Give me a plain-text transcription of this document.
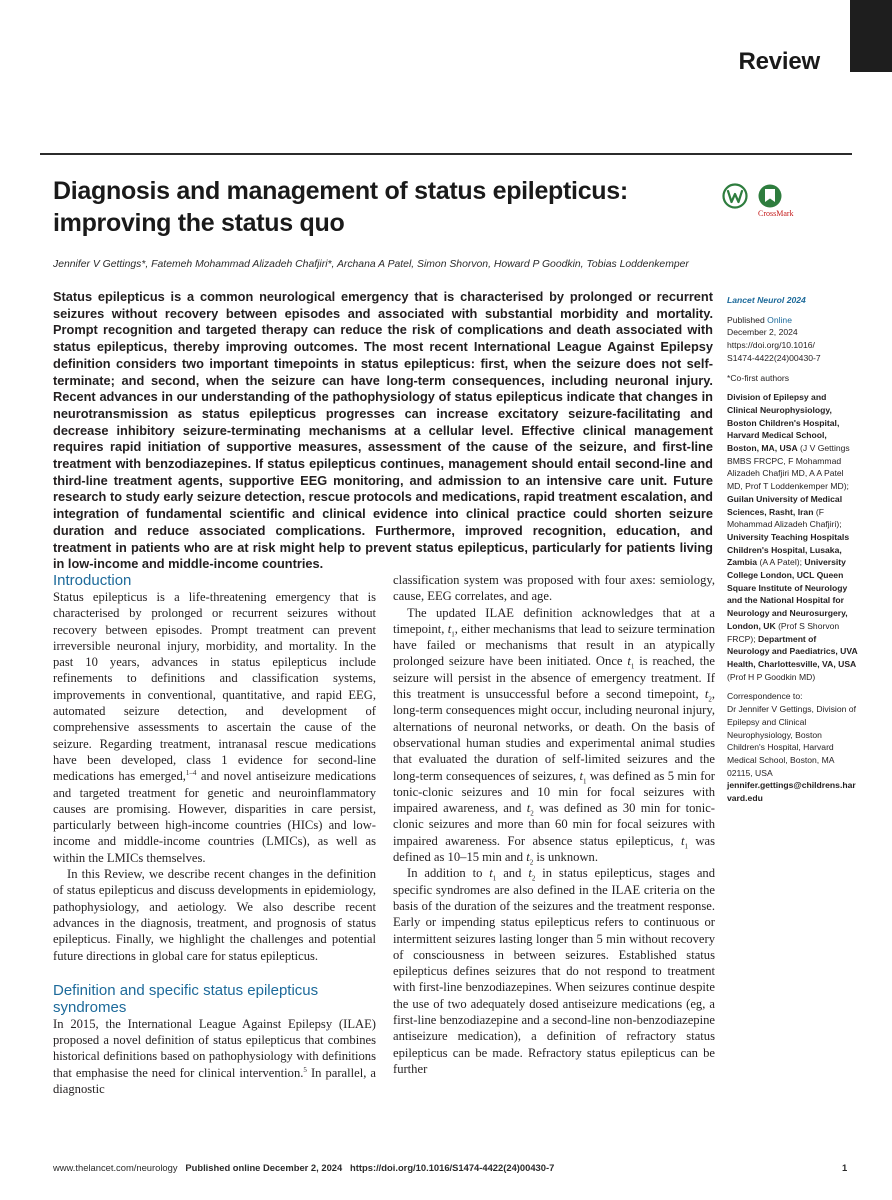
Review
Diagnosis and management of status epilepticus:
improving the status quo	CrossMark
Jennifer V Gettings*, Fatemeh Mohammad Alizadeh Chafjiri*, Archana A Patel, Simon Shorvon, Howard P Goodkin, Tobias Loddenkemper
Status epilepticus is a common neurological emergency that is characterised by prolonged or recurrent seizures without recovery between episodes and associated with substantial morbidity and mortality. Prompt recognition and targeted therapy can reduce the risk of complications and death associated with status epilepticus, thereby improving outcomes. The most recent International League Against Epilepsy definition considers two important timepoints in status epilepticus: first, when the seizure does not self-terminate; and second, when the seizure can have long-term consequences, including neuronal injury. Recent advances in our understanding of the pathophysiology of status epilepticus indicate that changes in neurotransmission as status epilepticus progresses can increase excitatory seizure-facilitating and decrease inhibitory seizure-terminating mechanisms at a cellular level. Effective clinical management requires rapid initiation of supportive measures, assessment of the cause of the seizure, and first-line treatment with benzodiazepines. If status epilepticus continues, management should entail second-line and third-line treatment agents, supportive EEG monitoring, and admission to an intensive care unit. Future research to study early seizure detection, rescue protocols and medications, rapid treatment escalation, and integration of fundamental scientific and clinical evidence into clinical practice could shorten seizure duration and reduce associated complications. Furthermore, improved recognition, education, and treatment in patients who are at risk might help to prevent status epilepticus, particularly for patients living in low-income and middle-income countries.
Introduction

Status epilepticus is a life-threatening emergency that is characterised by prolonged or recurrent seizures without recovery between episodes. Prompt treatment can prevent irreversible neuronal injury, morbidity, and mortality. In the past 10 years, advances in status epilepticus include refinements to definitions and classification systems, improvements in conventional, quantitative, and rapid EEG, automated seizure detection, and development of comprehensive assessments to ascertain the cause of the seizure. Regarding treatment, intranasal rescue medications have been developed, class 1 evidence for second-line medications has emerged,$^{1-4}$ and novel antiseizure medications and targeted treatment for genetic and neuroinflammatory causes are promising. However, disparities in care persist, particularly between high-income countries (HICs) and low-income and middle-income countries (LMICs), as well as within the LMICs themselves.

In this Review, we describe recent changes in the definition of status epilepticus and discuss developments in epidemiology, pathophysiology, and aetiology. We also describe recent advances in the diagnosis, treatment, and prognosis of status epilepticus. Finally, we highlight the challenges and potential future directions in global care for status epilepticus.

Definition and specific status epilepticus
syndromes

In 2015, the International League Against Epilepsy (ILAE) proposed a novel definition of status epilepticus that combines historical definitions based on pathophysiology with definitions that emphasise the need for clinical intervention.$^5$ In parallel, a diagnostic

classification system was proposed with four axes: semiology, cause, EEG correlates, and age.

The updated ILAE definition acknowledges that at a timepoint, $t_1$, either mechanisms that lead to seizure termination have failed or mechanisms that result in an atypically prolonged seizure have been initiated. Once $t_1$ is reached, the seizure will persist in the absence of emergency treatment. If this treatment is unsuccessful before a second timepoint, $t_2$, long-term consequences might occur, including neuronal injury, alternations of neuronal networks, or death. On the basis of observational human studies and experimental animal studies that evaluated the duration of self-limited seizures and the long-term consequences of seizures, $t_1$ was defined as 5 min for tonic-clonic seizures and 10 min for focal seizures with impaired awareness, and $t_2$ was defined as 30 min for tonic-clonic seizures and more than 60 min for focal seizures with impaired awareness. For absence status epilepticus, $t_1$ was defined as 10–15 min and $t_2$ is unknown.

In addition to $t_1$ and $t_2$ in status epilepticus, stages and specific syndromes are also defined in the ILAE criteria on the basis of the duration of the seizures and the treatment response. Early or impending status epilepticus refers to continuous or intermittent seizures lasting longer than 5 min without recovery of consciousness in between seizures. Established status epilepticus defines seizures that do not respond to treatment with first-line benzodiazepines. When seizures continue despite the use of two adequately dosed antiseizure medications (eg, a first-line benzodiazepine and a second-line non-benzodiazepine antiseizure medication), a definition of refractory status epilepticus can be made. Refractory status epilepticus can be further

Lancet Neurol 2024
Published Online
December 2, 2024
https://doi.org/10.1016/
S1474-4422(24)00430-7
*Co-first authors
Division of Epilepsy and Clinical Neurophysiology, Boston Children's Hospital, Harvard Medical School, Boston, MA, USA (J V Gettings BMBS FRCPC, F Mohammad Alizadeh Chafjiri MD, A A Patel MD, Prof T Loddenkemper MD); Guilan University of Medical Sciences, Rasht, Iran (F Mohammad Alizadeh Chafjiri); University Teaching Hospitals Children's Hospital, Lusaka, Zambia (A A Patel); University College London, UCL Queen Square Institute of Neurology and the National Hospital for Neurology and Neurosurgery, London, UK (Prof S Shorvon FRCP); Department of Neurology and Paediatrics, UVA Health, Charlottesville, VA, USA (Prof H P Goodkin MD)
Correspondence to:
Dr Jennifer V Gettings, Division of Epilepsy and Clinical Neurophysiology, Boston Children's Hospital, Harvard Medical School, Boston, MA 02115, USA
jennifer.gettings@childrens.harvard.edu
www.thelancet.com/neurology Published online December 2, 2024 https://doi.org/10.1016/S1474-4422(24)00430-7	1
